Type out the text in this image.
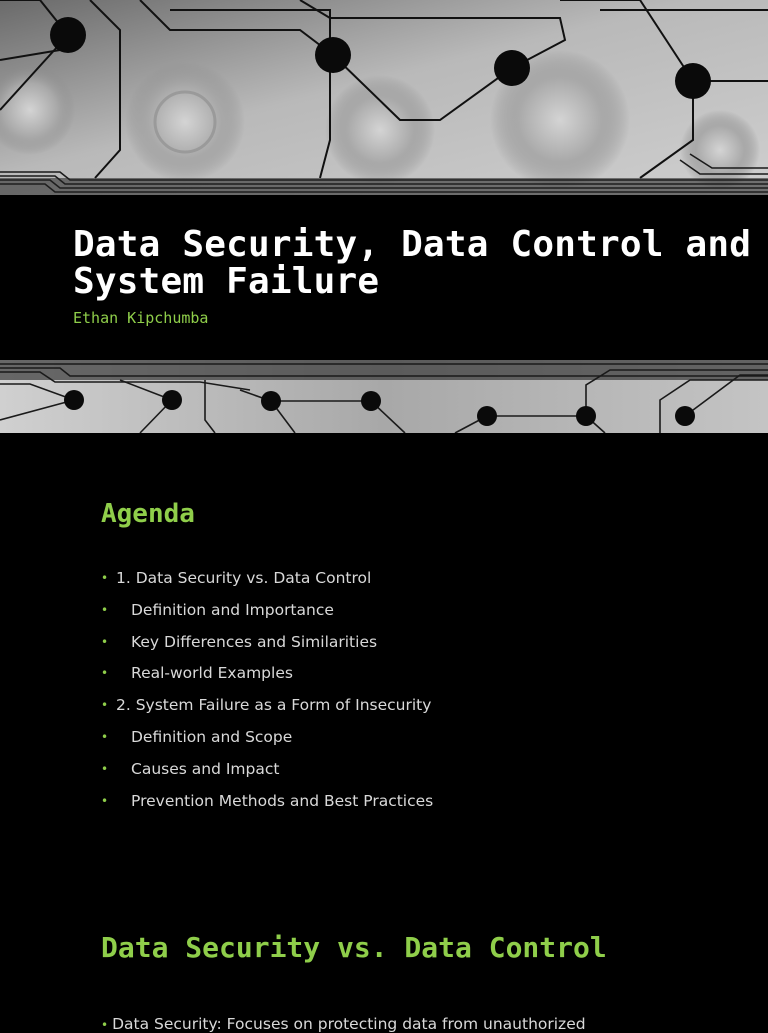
Data Security, Data Control and System Failure
Ethan Kipchumba
Agenda
• 1. Data Security vs. Data Control
•	Definition and Importance
•	Key Differences and Similarities
•	Real-world Examples
• 2. System Failure as a Form of Insecurity
•	Definition and Scope
•	Causes and Impact
•	Prevention Methods and Best Practices
Data Security vs. Data Control
• Data Security: Focuses on protecting data from unauthorized
